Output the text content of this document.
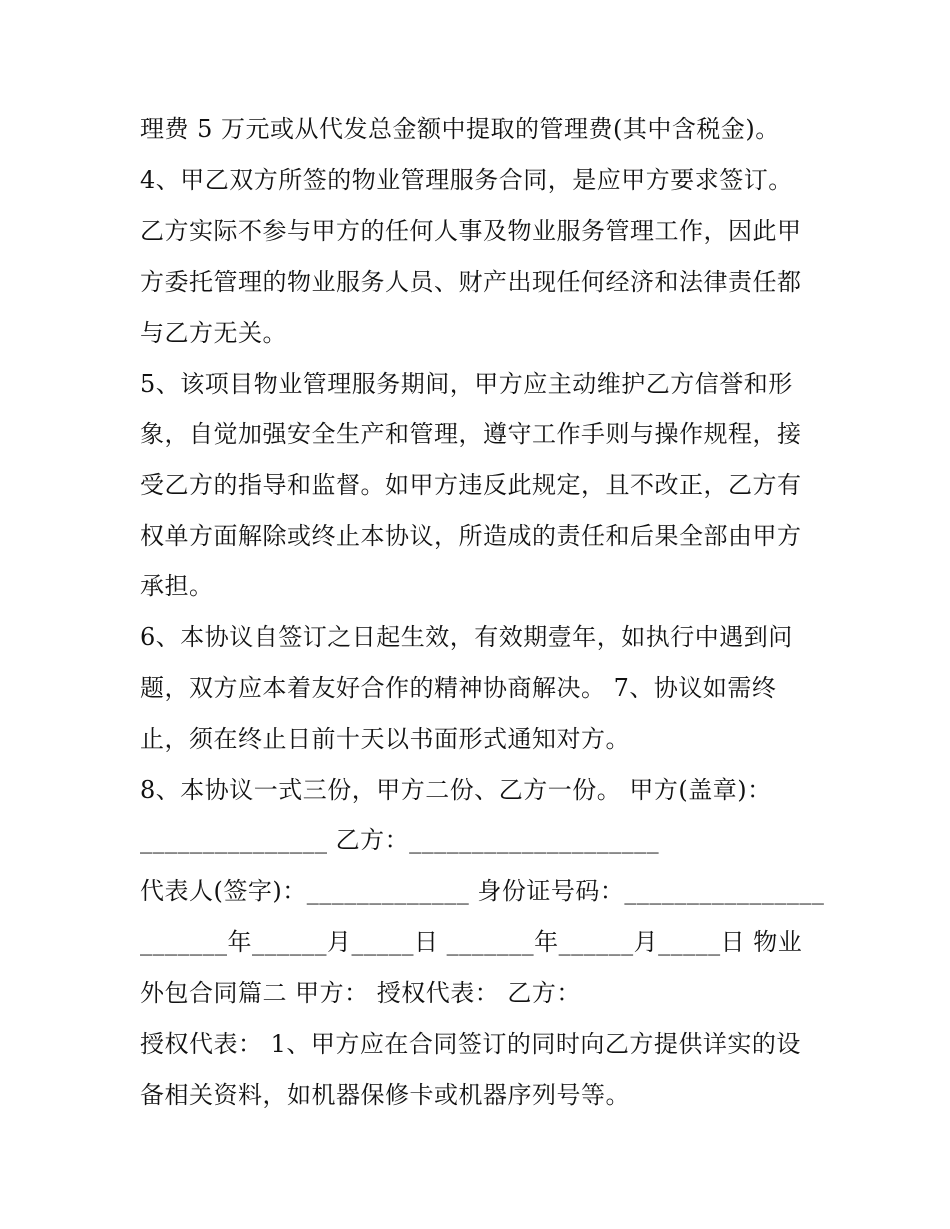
理费 5 万元或从代发总金额中提取的管理费(其中含税金)。
4、甲乙双方所签的物业管理服务合同，是应甲方要求签订。
乙方实际不参与甲方的任何人事及物业服务管理工作，因此甲
方委托管理的物业服务人员、财产出现任何经济和法律责任都
与乙方无关。
5、该项目物业管理服务期间，甲方应主动维护乙方信誉和形
象，自觉加强安全生产和管理，遵守工作手则与操作规程，接
受乙方的指导和监督。如甲方违反此规定，且不改正，乙方有
权单方面解除或终止本协议，所造成的责任和后果全部由甲方
承担。
6、本协议自签订之日起生效，有效期壹年，如执行中遇到问
题，双方应本着友好合作的精神协商解决。 7、协议如需终
止，须在终止日前十天以书面形式通知对方。
8、本协议一式三份，甲方二份、乙方一份。 甲方(盖章)：
_______________ 乙方：____________________
代表人(签字)：_____________ 身份证号码：________________
_______年______月_____日 _______年______月_____日 物业
外包合同篇二 甲方： 授权代表： 乙方：
授权代表： 1、甲方应在合同签订的同时向乙方提供详实的设
备相关资料，如机器保修卡或机器序列号等。
